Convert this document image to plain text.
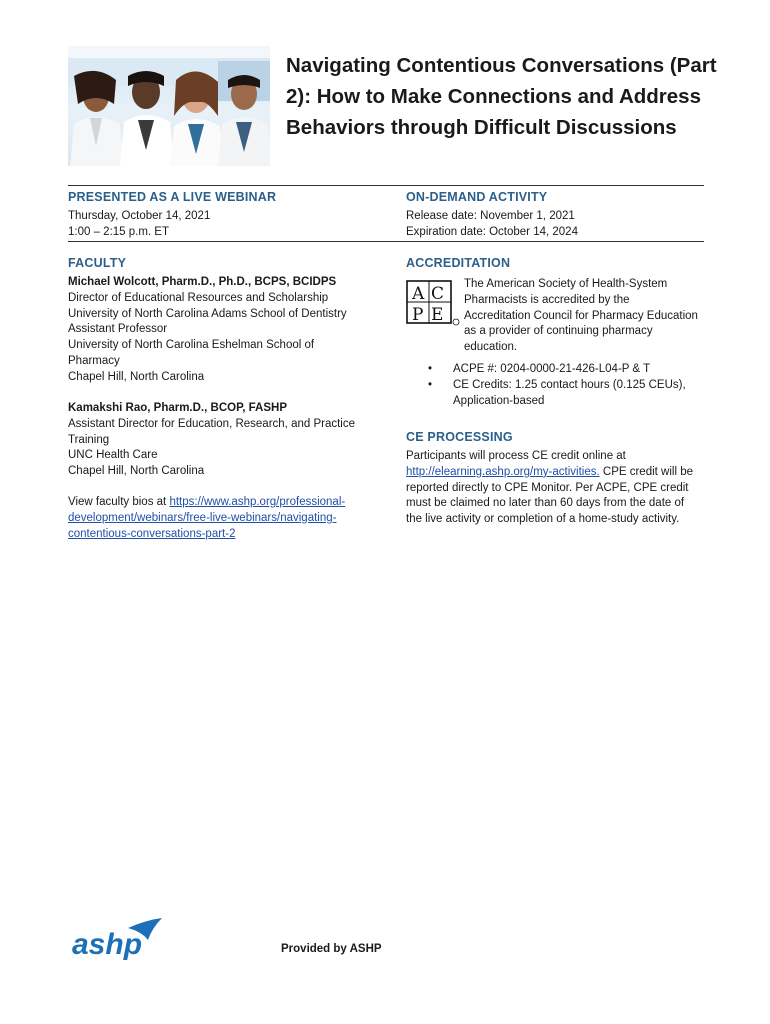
Navigating Contentious Conversations (Part 2): How to Make Connections and Address Behaviors through Difficult Discussions
PRESENTED AS A LIVE WEBINAR

Thursday, October 14, 2021

1:00 – 2:15 p.m. ET

ON-DEMAND ACTIVITY

Release date: November 1, 2021

Expiration date: October 14, 2024

FACULTY

Michael Wolcott, Pharm.D., Ph.D., BCPS, BCIDPS

Director of Educational Resources and Scholarship

University of North Carolina Adams School of Dentistry

Assistant Professor

University of North Carolina Eshelman School of

Pharmacy

Chapel Hill, North Carolina

Kamakshi Rao, Pharm.D., BCOP, FASHP

Assistant Director for Education, Research, and Practice

Training

UNC Health Care

Chapel Hill, North Carolina

View faculty bios at https://www.ashp.org/professional-

development/webinars/free-live-webinars/navigating-

contentious-conversations-part-2

ACCREDITATION
A C
P E

The American Society of Health-System

Pharmacists is accredited by the

Accreditation Council for Pharmacy Education

as a provider of continuing pharmacy

education.

• ACPE #: 0204-0000-21-426-L04-P & T
• CE Credits: 1.25 contact hours (0.125 CEUs),
Application-based
CE PROCESSING

Participants will process CE credit online at

http://elearning.ashp.org/my-activities. CPE credit will be

reported directly to CPE Monitor. Per ACPE, CPE credit

must be claimed no later than 60 days from the date of

the live activity or completion of a home-study activity.

ashp	Provided by ASHP
